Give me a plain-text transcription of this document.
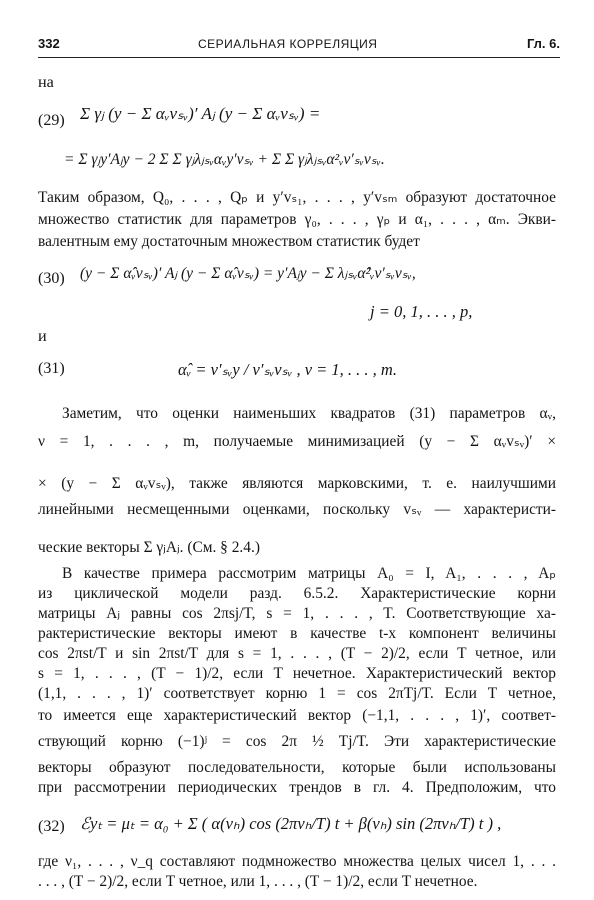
332	СЕРИАЛЬНАЯ КОРРЕЛЯЦИЯ	Гл. 6.
на
(29) Σ γⱼ (y − Σ αᵥvₛᵥ)′ Aⱼ (y − Σ αᵥvₛᵥ) =
= Σ γⱼy′Aⱼy − 2 Σ Σ γⱼλⱼₛᵥαᵥy′vₛᵥ + Σ Σ γⱼλⱼₛᵥα²ᵥv′ₛᵥvₛᵥ.
Таким образом, Q₀, . . . , Qₚ и y′vₛ₁, . . . , y′vₛₘ образуют достаточное
множество статистик для параметров γ₀, . . . , γₚ и α₁, . . . , αₘ. Экви-
валентным ему достаточным множеством статистик будет
(30) (y − Σ α̂ᵥvₛᵥ)′ Aⱼ (y − Σ α̂ᵥvₛᵥ) = y′Aⱼy − Σ λⱼₛᵥα̂²ᵥv′ₛᵥvₛᵥ,
j = 0, 1, . . . , p,
и
(31)	α̂ᵥ = v′ₛᵥy / v′ₛᵥvₛᵥ , ν = 1, . . . , m.
Заметим, что оценки наименьших квадратов (31) параметров αᵥ,
ν = 1, . . . , m, получаемые минимизацией (y − Σ αᵥvₛᵥ)′ ×
× (y − Σ αᵥvₛᵥ), также являются марковскими, т. е. наилучшими
линейными несмещенными оценками, поскольку vₛᵥ — характеристи-
ческие векторы Σ γⱼAⱼ. (См. § 2.4.)
В качестве примера рассмотрим матрицы A₀ = I, A₁, . . . , Aₚ
из циклической модели разд. 6.5.2. Характеристические корни
матрицы Aⱼ равны cos 2πsj/T, s = 1, . . . , T. Соответствующие ха-
рактеристические векторы имеют в качестве t-х компонент величины
cos 2πst/T и sin 2πst/T для s = 1, . . . , (T − 2)/2, если T четное, или
s = 1, . . . , (T − 1)/2, если T нечетное. Характеристический вектор
(1,1, . . . , 1)′ соответствует корню 1 = cos 2πTj/T. Если T четное,
то имеется еще характеристический вектор (−1,1, . . . , 1)′, соответ-
ствующий корню (−1)ʲ = cos 2π ½ Tj/T. Эти характеристические
векторы образуют последовательности, которые были использованы
при рассмотрении периодических трендов в гл. 4. Предположим, что
(32) ℰyₜ = μₜ = α₀ + Σ ( α(νₕ) cos (2πνₕ/T) t + β(νₕ) sin (2πνₕ/T) t ) ,
где ν₁, . . . , ν_q составляют подмножество множества целых чисел 1, . . .
. . . , (T − 2)/2, если T четное, или 1, . . . , (T − 1)/2, если T нечетное.
